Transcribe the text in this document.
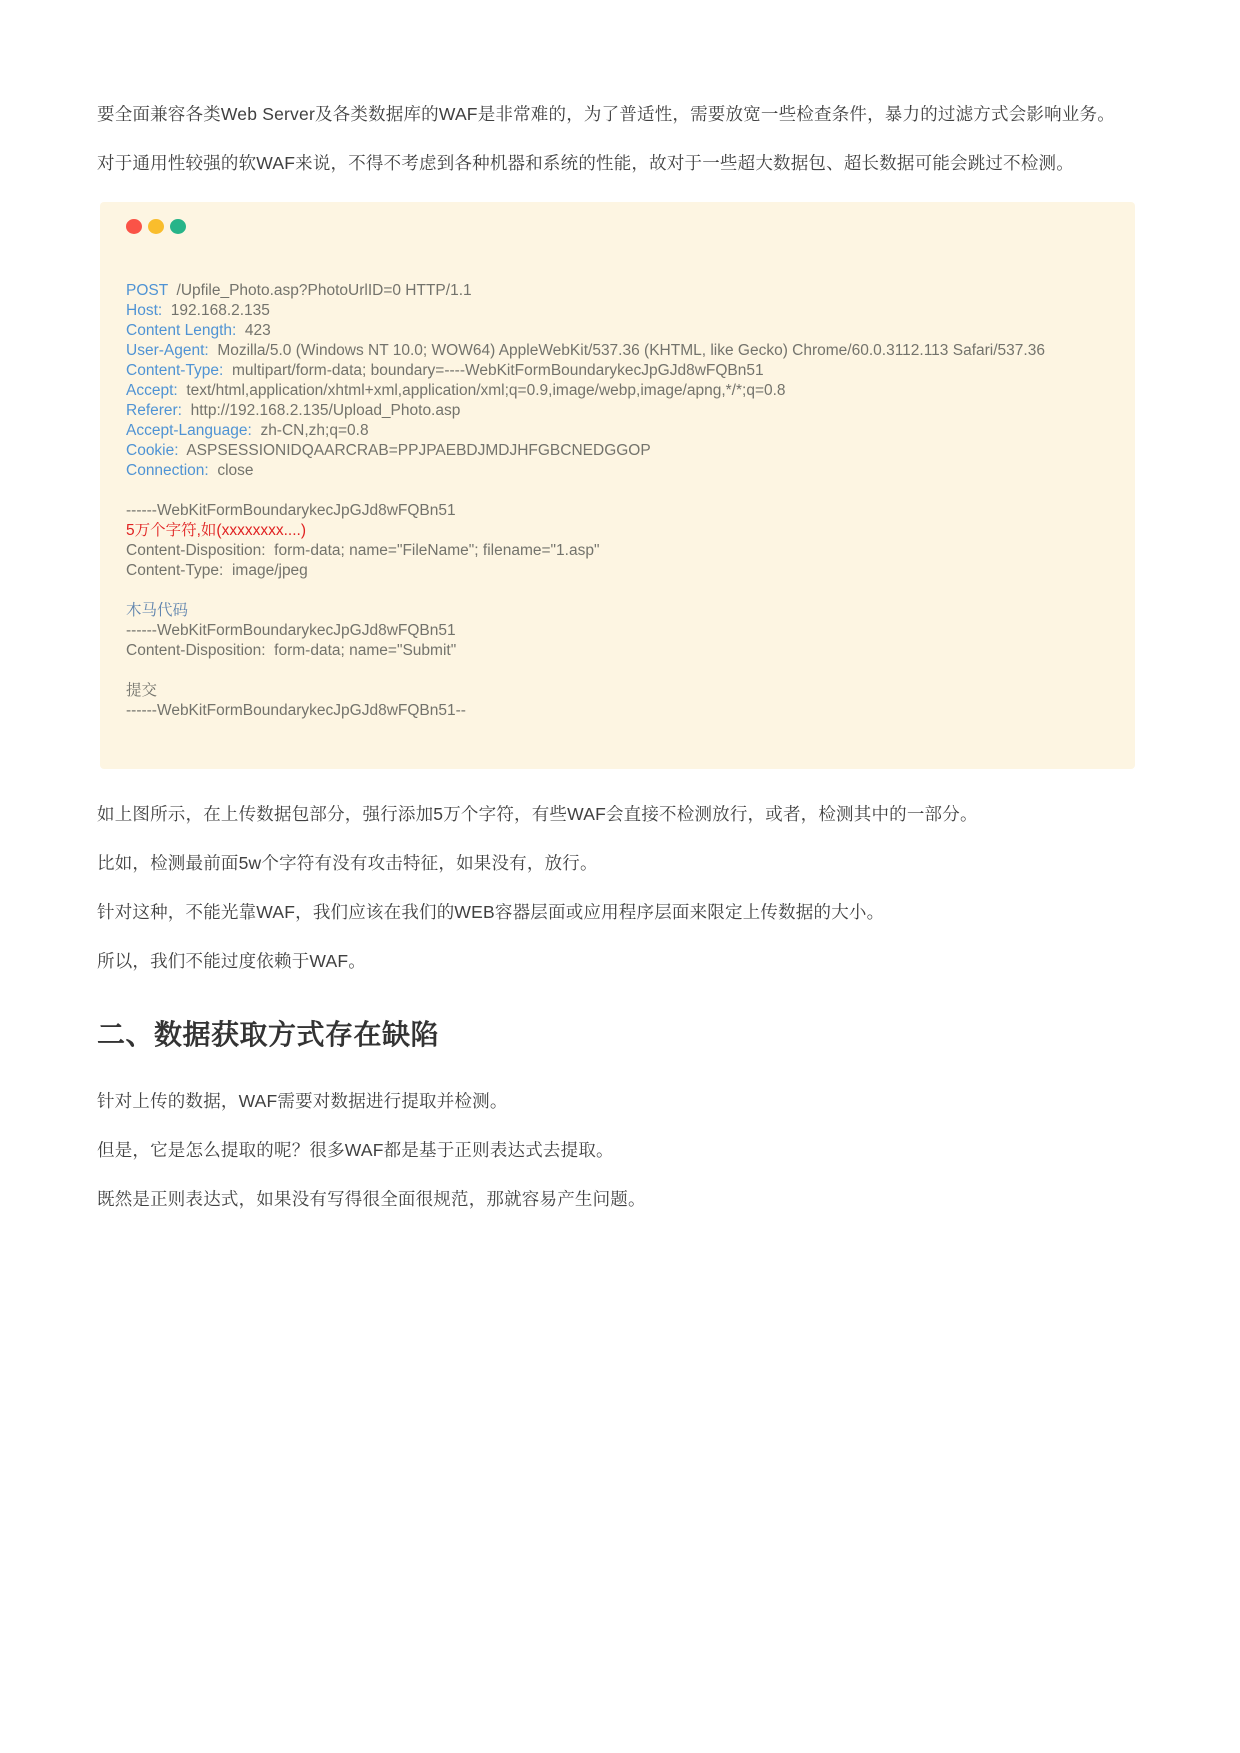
要全面兼容各类Web Server及各类数据库的WAF是非常难的，为了普适性，需要放宽一些检查条件，暴力的过滤方式会影响业务。

对于通用性较强的软WAF来说，不得不考虑到各种机器和系统的性能，故对于一些超大数据包、超长数据可能会跳过不检测。

POST  /Upfile_Photo.asp?PhotoUrlID=0 HTTP/1.1
Host:  192.168.2.135
Content Length:  423
User-Agent:  Mozilla/5.0 (Windows NT 10.0; WOW64) AppleWebKit/537.36 (KHTML, like Gecko) Chrome/60.0.3112.113 Safari/537.36
Content-Type:  multipart/form-data; boundary=----WebKitFormBoundarykecJpGJd8wFQBn51
Accept:  text/html,application/xhtml+xml,application/xml;q=0.9,image/webp,image/apng,*/*;q=0.8
Referer:  http://192.168.2.135/Upload_Photo.asp
Accept-Language:  zh-CN,zh;q=0.8
Cookie:  ASPSESSIONIDQAARCRAB=PPJPAEBDJMDJHFGBCNEDGGOP
Connection:  close

------WebKitFormBoundarykecJpGJd8wFQBn51
5万个字符,如(xxxxxxxx....)
Content-Disposition:  form-data; name="FileName"; filename="1.asp"
Content-Type:  image/jpeg

木马代码
------WebKitFormBoundarykecJpGJd8wFQBn51
Content-Disposition:  form-data; name="Submit"

提交
------WebKitFormBoundarykecJpGJd8wFQBn51--

如上图所示，在上传数据包部分，强行添加5万个字符，有些WAF会直接不检测放行，或者，检测其中的一部分。

比如，检测最前面5w个字符有没有攻击特征，如果没有，放行。

针对这种，不能光靠WAF，我们应该在我们的WEB容器层面或应用程序层面来限定上传数据的大小。

所以，我们不能过度依赖于WAF。

二、数据获取方式存在缺陷

针对上传的数据，WAF需要对数据进行提取并检测。

但是，它是怎么提取的呢？很多WAF都是基于正则表达式去提取。

既然是正则表达式，如果没有写得很全面很规范，那就容易产生问题。
